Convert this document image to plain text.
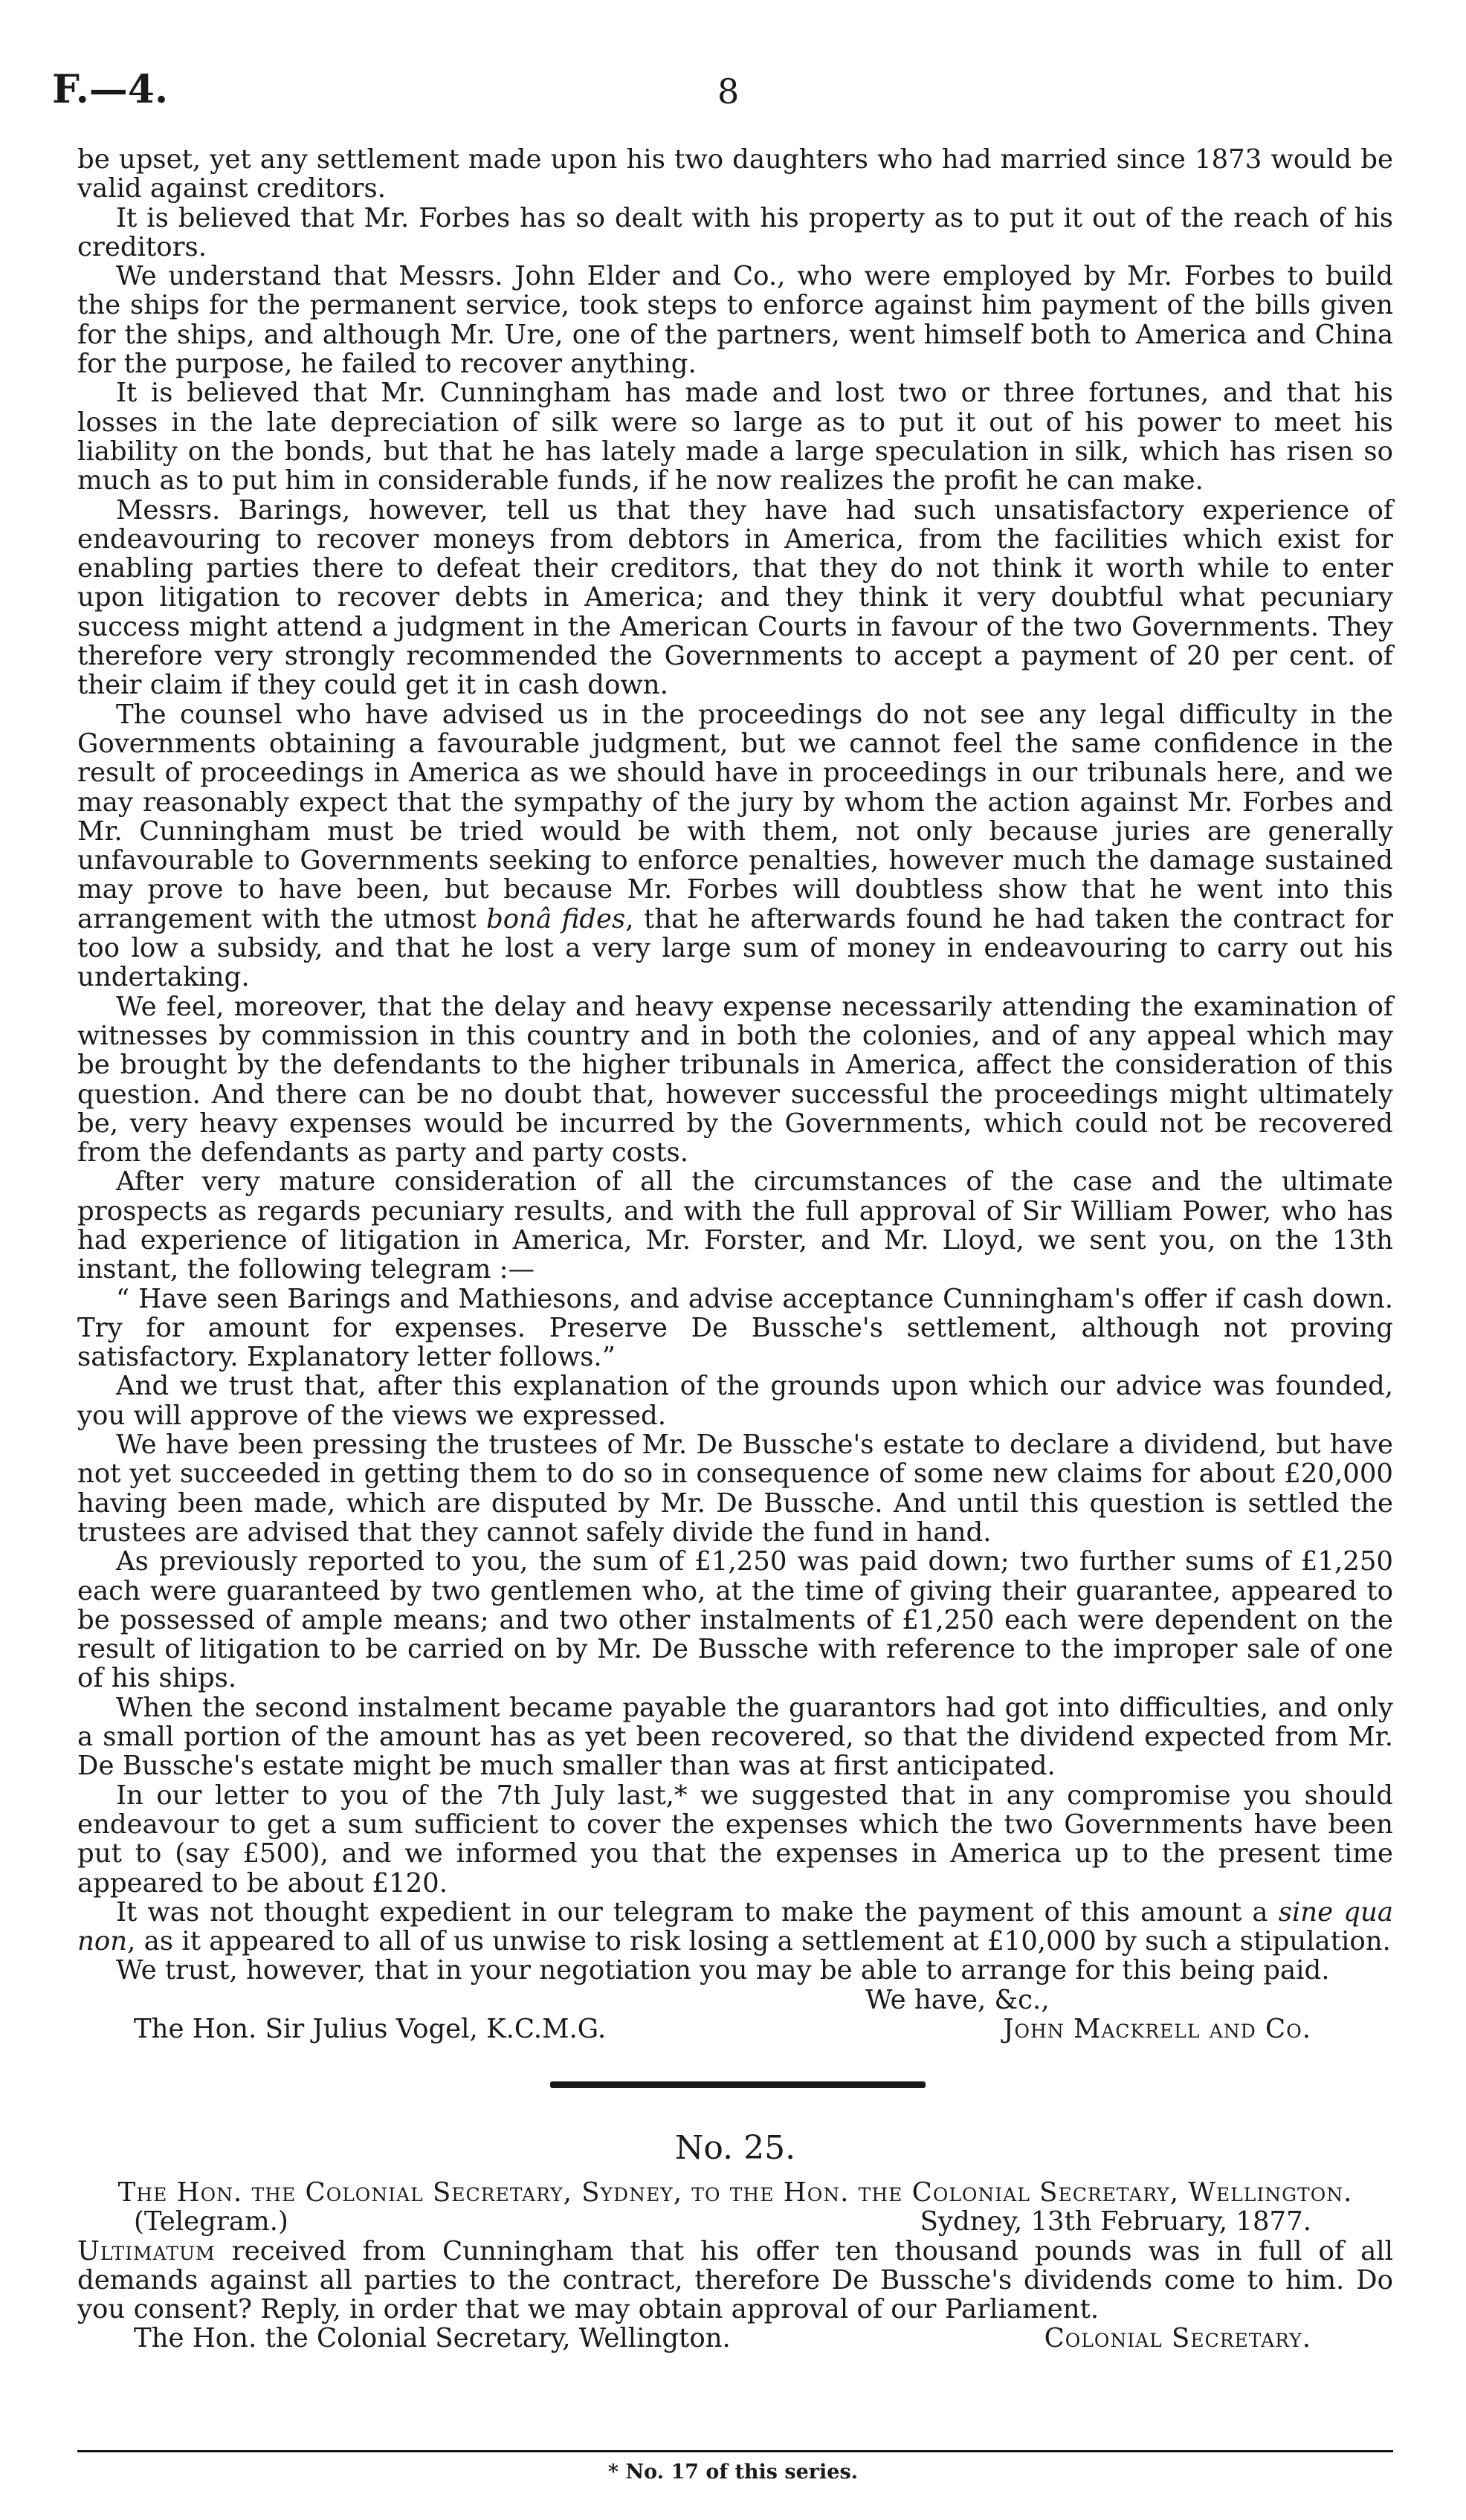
F.—4.	8

be upset, yet any settlement made upon his two daughters who had married since 1873 would be valid against creditors.

It is believed that Mr. Forbes has so dealt with his property as to put it out of the reach of his creditors.

We understand that Messrs. John Elder and Co., who were employed by Mr. Forbes to build the ships for the permanent service, took steps to enforce against him payment of the bills given for the ships, and although Mr. Ure, one of the partners, went himself both to America and China for the purpose, he failed to recover anything.

It is believed that Mr. Cunningham has made and lost two or three fortunes, and that his losses in the late depreciation of silk were so large as to put it out of his power to meet his liability on the bonds, but that he has lately made a large speculation in silk, which has risen so much as to put him in considerable funds, if he now realizes the profit he can make.

Messrs. Barings, however, tell us that they have had such unsatisfactory experience of endeavouring to recover moneys from debtors in America, from the facilities which exist for enabling parties there to defeat their creditors, that they do not think it worth while to enter upon litigation to recover debts in America; and they think it very doubtful what pecuniary success might attend a judgment in the American Courts in favour of the two Governments. They therefore very strongly recommended the Governments to accept a payment of 20 per cent. of their claim if they could get it in cash down.

The counsel who have advised us in the proceedings do not see any legal difficulty in the Governments obtaining a favourable judgment, but we cannot feel the same confidence in the result of proceedings in America as we should have in proceedings in our tribunals here, and we may reasonably expect that the sympathy of the jury by whom the action against Mr. Forbes and Mr. Cunningham must be tried would be with them, not only because juries are generally unfavourable to Governments seeking to enforce penalties, however much the damage sustained may prove to have been, but because Mr. Forbes will doubtless show that he went into this arrangement with the utmost bonâ fides, that he afterwards found he had taken the contract for too low a subsidy, and that he lost a very large sum of money in endeavouring to carry out his undertaking.

We feel, moreover, that the delay and heavy expense necessarily attending the examination of witnesses by commission in this country and in both the colonies, and of any appeal which may be brought by the defendants to the higher tribunals in America, affect the consideration of this question. And there can be no doubt that, however successful the proceedings might ultimately be, very heavy expenses would be incurred by the Governments, which could not be recovered from the defendants as party and party costs.

After very mature consideration of all the circumstances of the case and the ultimate prospects as regards pecuniary results, and with the full approval of Sir William Power, who has had experience of litigation in America, Mr. Forster, and Mr. Lloyd, we sent you, on the 13th instant, the following telegram :—

“ Have seen Barings and Mathiesons, and advise acceptance Cunningham's offer if cash down. Try for amount for expenses. Preserve De Bussche's settlement, although not proving satisfactory. Explanatory letter follows.”

And we trust that, after this explanation of the grounds upon which our advice was founded, you will approve of the views we expressed.

We have been pressing the trustees of Mr. De Bussche's estate to declare a dividend, but have not yet succeeded in getting them to do so in consequence of some new claims for about £20,000 having been made, which are disputed by Mr. De Bussche. And until this question is settled the trustees are advised that they cannot safely divide the fund in hand.

As previously reported to you, the sum of £1,250 was paid down; two further sums of £1,250 each were guaranteed by two gentlemen who, at the time of giving their guarantee, appeared to be possessed of ample means; and two other instalments of £1,250 each were dependent on the result of litigation to be carried on by Mr. De Bussche with reference to the improper sale of one of his ships.

When the second instalment became payable the guarantors had got into difficulties, and only a small portion of the amount has as yet been recovered, so that the dividend expected from Mr. De Bussche's estate might be much smaller than was at first anticipated.

In our letter to you of the 7th July last,* we suggested that in any compromise you should endeavour to get a sum sufficient to cover the expenses which the two Governments have been put to (say £500), and we informed you that the expenses in America up to the present time appeared to be about £120.

It was not thought expedient in our telegram to make the payment of this amount a sine qua non, as it appeared to all of us unwise to risk losing a settlement at £10,000 by such a stipulation.

We trust, however, that in your negotiation you may be able to arrange for this being paid.

We have, &c.,

The Hon. Sir Julius Vogel, K.C.M.G.	John Mackrell and Co.
No. 25.

The Hon. the Colonial Secretary, Sydney, to the Hon. the Colonial Secretary, Wellington.

(Telegram.)	Sydney, 13th February, 1877.

Ultimatum received from Cunningham that his offer ten thousand pounds was in full of all demands against all parties to the contract, therefore De Bussche's dividends come to him. Do you consent? Reply, in order that we may obtain approval of our Parliament.

The Hon. the Colonial Secretary, Wellington.	Colonial Secretary.
* No. 17 of this series.
